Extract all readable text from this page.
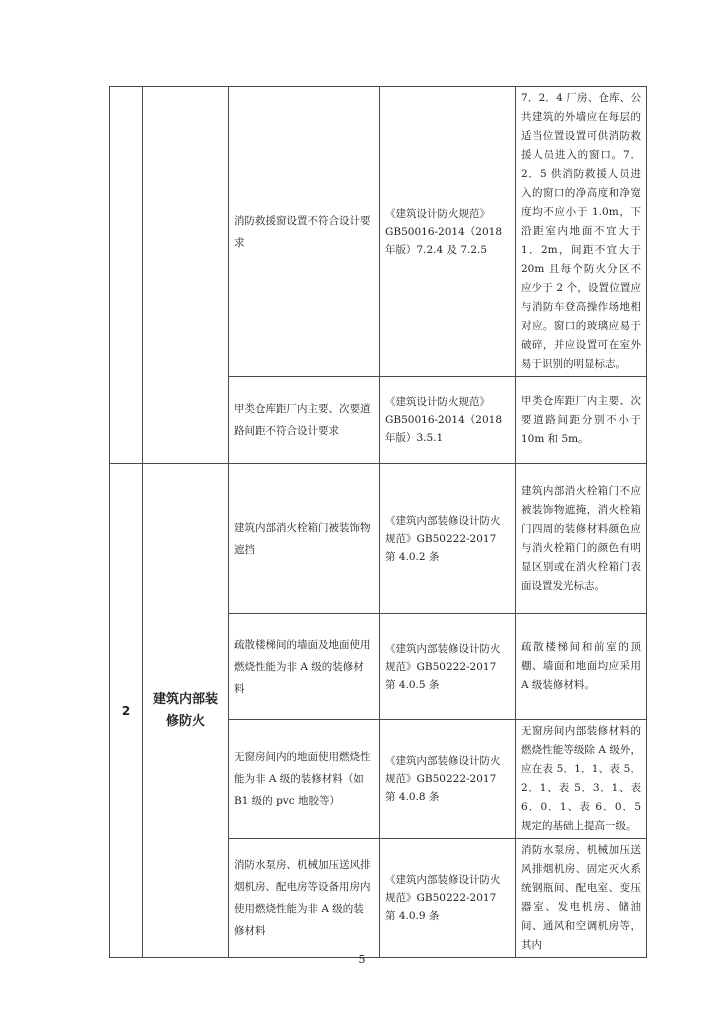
		消防救援窗设置不符合设计要求	《建筑设计防火规范》GB50016-2014（2018 年版）7.2.4 及 7.2.5	7．2．4 厂房、仓库、公共建筑的外墙应在每层的适当位置设置可供消防救援人员进入的窗口。7．2．5 供消防救援人员进入的窗口的净高度和净宽度均不应小于 1.0m，下沿距室内地面不宜大于 1．2m，间距不宜大于 20m 且每个防火分区不应少于 2 个，设置位置应与消防车登高操作场地相对应。窗口的玻璃应易于破碎，并应设置可在室外易于识别的明显标志。
		甲类仓库距厂内主要、次要道路间距不符合设计要求	《建筑设计防火规范》GB50016-2014（2018 年版）3.5.1	甲类仓库距厂内主要、次要道路间距分别不小于 10m 和 5m。
2	建筑内部装修防火	建筑内部消火栓箱门被装饰物遮挡	《建筑内部装修设计防火规范》GB50222-2017 第 4.0.2 条	建筑内部消火栓箱门不应被装饰物遮掩，消火栓箱门四周的装修材料颜色应与消火栓箱门的颜色有明显区别或在消火栓箱门表面设置发光标志。
		疏散楼梯间的墙面及地面使用燃烧性能为非 A 级的装修材料	《建筑内部装修设计防火规范》GB50222-2017 第 4.0.5 条	疏散楼梯间和前室的顶棚、墙面和地面均应采用 A 级装修材料。
		无窗房间内的地面使用燃烧性能为非 A 级的装修材料（如 B1 级的 pvc 地胶等）	《建筑内部装修设计防火规范》GB50222-2017 第 4.0.8 条	无窗房间内部装修材料的燃烧性能等级除 A 级外，应在表 5．1．1、表 5．2．1、表 5．3．1、表 6．0．1、表 6．0．5 规定的基础上提高一级。
		消防水泵房、机械加压送风排烟机房、配电房等设备用房内使用燃烧性能为非 A 级的装修材料	《建筑内部装修设计防火规范》GB50222-2017 第 4.0.9 条	消防水泵房、机械加压送风排烟机房、固定灭火系统钢瓶间、配电室、变压器室、发电机房、储油间、通风和空调机房等，其内
5
